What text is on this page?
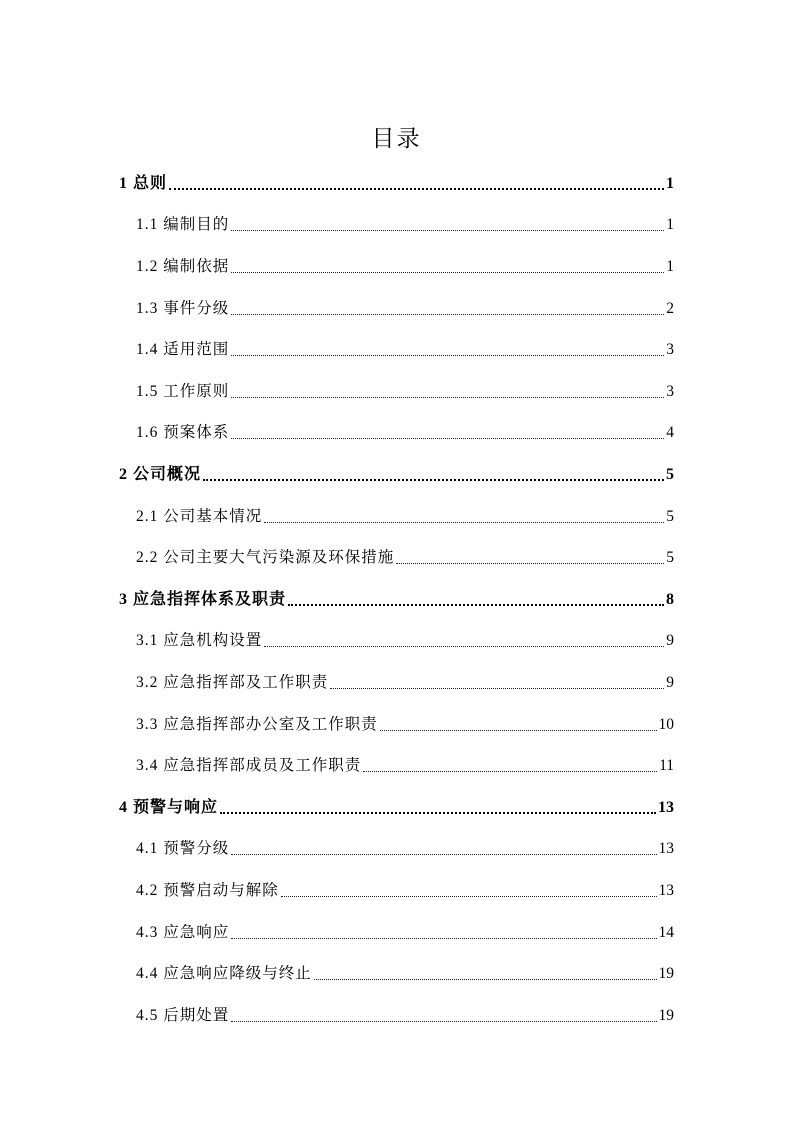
目录
1 总则	1
1.1 编制目的	1
1.2 编制依据	1
1.3 事件分级	2
1.4 适用范围	3
1.5 工作原则	3
1.6 预案体系	4
2 公司概况	5
2.1 公司基本情况	5
2.2 公司主要大气污染源及环保措施	5
3 应急指挥体系及职责	8
3.1 应急机构设置	9
3.2 应急指挥部及工作职责	9
3.3 应急指挥部办公室及工作职责	10
3.4 应急指挥部成员及工作职责	11
4 预警与响应	13
4.1 预警分级	13
4.2 预警启动与解除	13
4.3 应急响应	14
4.4 应急响应降级与终止	19
4.5 后期处置	19
